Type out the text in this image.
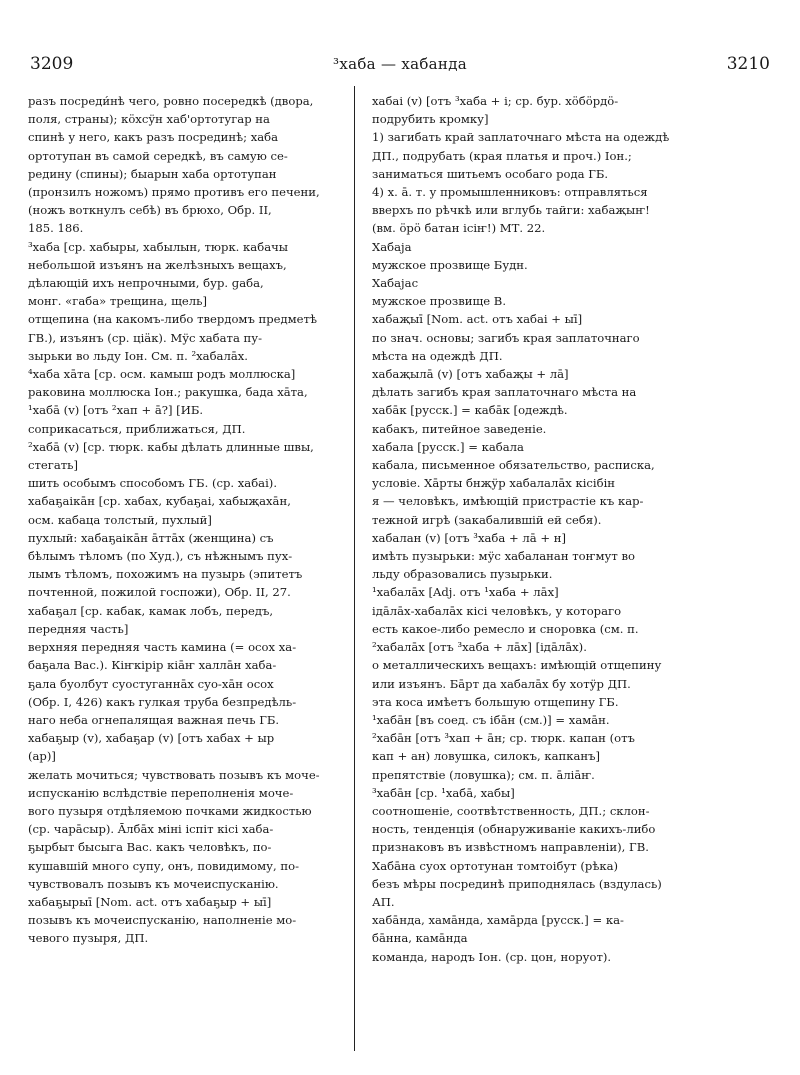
3209	³хаба — хабанда	3210
разъ посреди́нѣ чего, ровно посередкѣ (двора,
поля, страны); кӧхсӱн хаб'ортотугар на
спинѣ у него, какъ разъ посрединѣ; хаба
ортотупан въ самой середкѣ, въ самую се-
редину (спины); быарын хаба ортотупан
(пронзилъ ножомъ) прямо противъ его печени,
(ножъ воткнулъ себѣ) въ брюхо, Обр. II,
185. 186.
³хаба [ср. хабыры, хабылын, тюрк. кабачы
небольшой изъянъ на желѣзныхъ вещахъ,
дѣлающій ихъ непрочными, бур. ɡаба,
монг. «габа» трещина, щель]
отщепина (на какомъ-либо твердомъ предметѣ
ГВ.), изъянъ (ср. ціӓк). Мӱс хабата пу-
зырьки во льду Іон. См. п. ²хабалāх.
⁴хаба хāта [ср. осм. камыш родъ моллюска]
раковина моллюска Іон.; ракушка, бада хāта,
¹хабā (v) [отъ ²хап + ā?] [ИБ.
соприкасаться, приближаться, ДП.
²хабā (v) [ср. тюрк. кабы дѣлать длинные швы,
стегать]
шить особымъ способомъ ГБ. (ср. хабаі).
хабаҕаікāн [ср. хабах, кубаҕаі, хабыҗахāн,
осм. кабаца толстый, пухлый]
пухлый: хабаҕаікāн āттāх (женщина) съ
бѣлымъ тѣломъ (по Худ.), съ нѣжнымъ пух-
лымъ тѣломъ, похожимъ на пузырь (эпитетъ
почтенной, пожилой госпожи), Обр. II, 27.
хабаҕал [ср. кабак, камак лобъ, передъ,
передняя часть]
верхняя передняя часть камина (= осох ха-
баҕала Вас.). Кіҥкірір кіāҥ халлāн хаба-
ҕала буолбут суостуганнāх суо-хāн осох
(Обр. I, 426) какъ гулкая труба безпредѣль-
наго неба огнепалящая важная печь ГБ.
хабаҕыр (v), хабаҕар (v) [отъ хабах + ыр
(ар)]
желать мочиться; чувствовать позывъ къ моче-
испусканію вслѣдствіе переполненія моче-
вого пузыря отдѣляемою почками жидкостью
(ср. чарāсыр). Āлбāх міні іспіт кісі хаба-
ҕырбыт бысыга Вас. какъ человѣкъ, по-
кушавшій много супу, онъ, повидимому, по-
чувствовалъ позывъ къ мочеиспусканію.
хабаҕырыī [Nom. act. отъ хабаҕыр + ыī]
позывъ къ мочеиспусканію, наполненіе мо-
чевого пузыря, ДП.
хабаі (v) [отъ ³хаба + і; ср. бур. хӧбӧрдӧ-
подрубить кромку]
1) загибать край заплаточнаго мѣста на одеждѣ
ДП., подрубать (края платья и проч.) Іон.;
заниматься шитьемъ особаго рода ГБ.
4) х. ā. т. у промышленниковъ: отправляться
вверхъ по рѣчкѣ или вглубь тайги: хабаҗыҥ!
(вм. ӧрӧ батан ісіҥ!) МТ. 22.
Хабаја
мужское прозвище Будн.
Хабајас
мужское прозвище В.
хабаҗыī [Nom. act. отъ хабаі + ыī]
по знач. основы; загибъ края заплаточнаго
мѣста на одеждѣ ДП.
хабаҗылā (v) [отъ хабаҗы + лā]
дѣлать загибъ края заплаточнаго мѣста на
хабāк [русск.] = кабāк [одеждѣ.
кабакъ, питейное заведеніе.
хабала [русск.] = кабала
кабала, письменное обязательство, расписка,
условіе. Хāрты бнҗӱр хабалалāх кісібін
я — человѣкъ, имѣющій пристрастіе къ кар-
тежной игрѣ (закабалившій ей себя).
хабалан (v) [отъ ³хаба + лā + н]
имѣть пузырьки: мӱс хабаланан тоҥмут во
льду образовались пузырьки.
¹хабалāх [Adj. отъ ¹хаба + лāх]
ідāлāх-хабалāх кісі человѣкъ, у котораго
есть какое-либо ремесло и сноровка (см. п.
²хабалāх [отъ ³хаба + лāх] [ідāлāх).
о металлическихъ вещахъ: имѣющій отщепину
или изъянъ. Бāрт да хабалāх бу хотӱр ДП.
эта коса имѣетъ большую отщепину ГБ.
¹хабāн [въ соед. съ ібāн (см.)] = хамāн.
²хабāн [отъ ³хап + āн; ср. тюрк. капан (отъ
кап + ан) ловушка, силокъ, капканъ]
препятствіе (ловушка); см. п. āліāҥ.
³хабāн [ср. ¹хабā, хабы]
соотношеніе, соотвѣтственность, ДП.; склон-
ность, тенденція (обнаруживаніе какихъ-либо
признаковъ въ извѣстномъ направленіи), ГВ.
Хабāна суох ортотунан томтоібут (рѣка)
безъ мѣры посрединѣ приподнялась (вздулась)
АП.
хабāнда, хамāнда, хамāрда [русск.] = ка-
бāнна, камāнда
команда, народъ Іон. (ср. цон, норуот).
